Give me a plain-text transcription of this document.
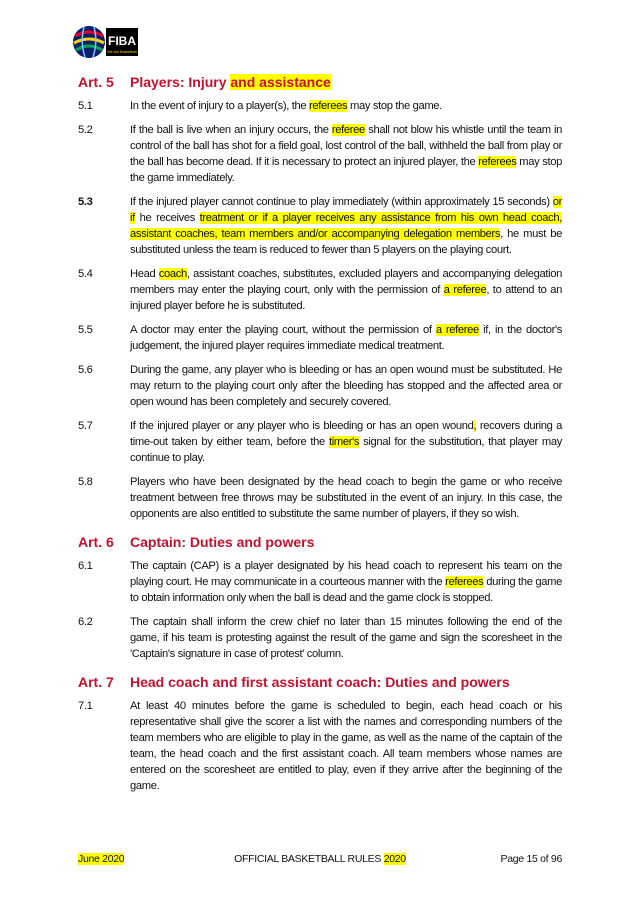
FIBA
We Are Basketball
Art. 5	Players: Injury and assistance
5.1	In the event of injury to a player(s), the referees may stop the game.
5.2	If the ball is live when an injury occurs, the referee shall not blow his whistle until the team in control of the ball has shot for a field goal, lost control of the ball, withheld the ball from play or the ball has become dead. If it is necessary to protect an injured player, the referees may stop the game immediately.
5.3	If the injured player cannot continue to play immediately (within approximately 15 seconds) or if he receives treatment or if a player receives any assistance from his own head coach, assistant coaches, team members and/or accompanying delegation members, he must be substituted unless the team is reduced to fewer than 5 players on the playing court.
5.4	Head coach, assistant coaches, substitutes, excluded players and accompanying delegation members may enter the playing court, only with the permission of a referee, to attend to an injured player before he is substituted.
5.5	A doctor may enter the playing court, without the permission of a referee if, in the doctor's judgement, the injured player requires immediate medical treatment.
5.6	During the game, any player who is bleeding or has an open wound must be substituted. He may return to the playing court only after the bleeding has stopped and the affected area or open wound has been completely and securely covered.
5.7	If the injured player or any player who is bleeding or has an open wound, recovers during a time-out taken by either team, before the timer's signal for the substitution, that player may continue to play.
5.8	Players who have been designated by the head coach to begin the game or who receive treatment between free throws may be substituted in the event of an injury. In this case, the opponents are also entitled to substitute the same number of players, if they so wish.
Art. 6	Captain: Duties and powers
6.1	The captain (CAP) is a player designated by his head coach to represent his team on the playing court. He may communicate in a courteous manner with the referees during the game to obtain information only when the ball is dead and the game clock is stopped.
6.2	The captain shall inform the crew chief no later than 15 minutes following the end of the game, if his team is protesting against the result of the game and sign the scoresheet in the 'Captain's signature in case of protest' column.
Art. 7	Head coach and first assistant coach: Duties and powers
7.1	At least 40 minutes before the game is scheduled to begin, each head coach or his representative shall give the scorer a list with the names and corresponding numbers of the team members who are eligible to play in the game, as well as the name of the captain of the team, the head coach and the first assistant coach. All team members whose names are entered on the scoresheet are entitled to play, even if they arrive after the beginning of the game.
June 2020	OFFICIAL BASKETBALL RULES 2020	Page 15 of 96
